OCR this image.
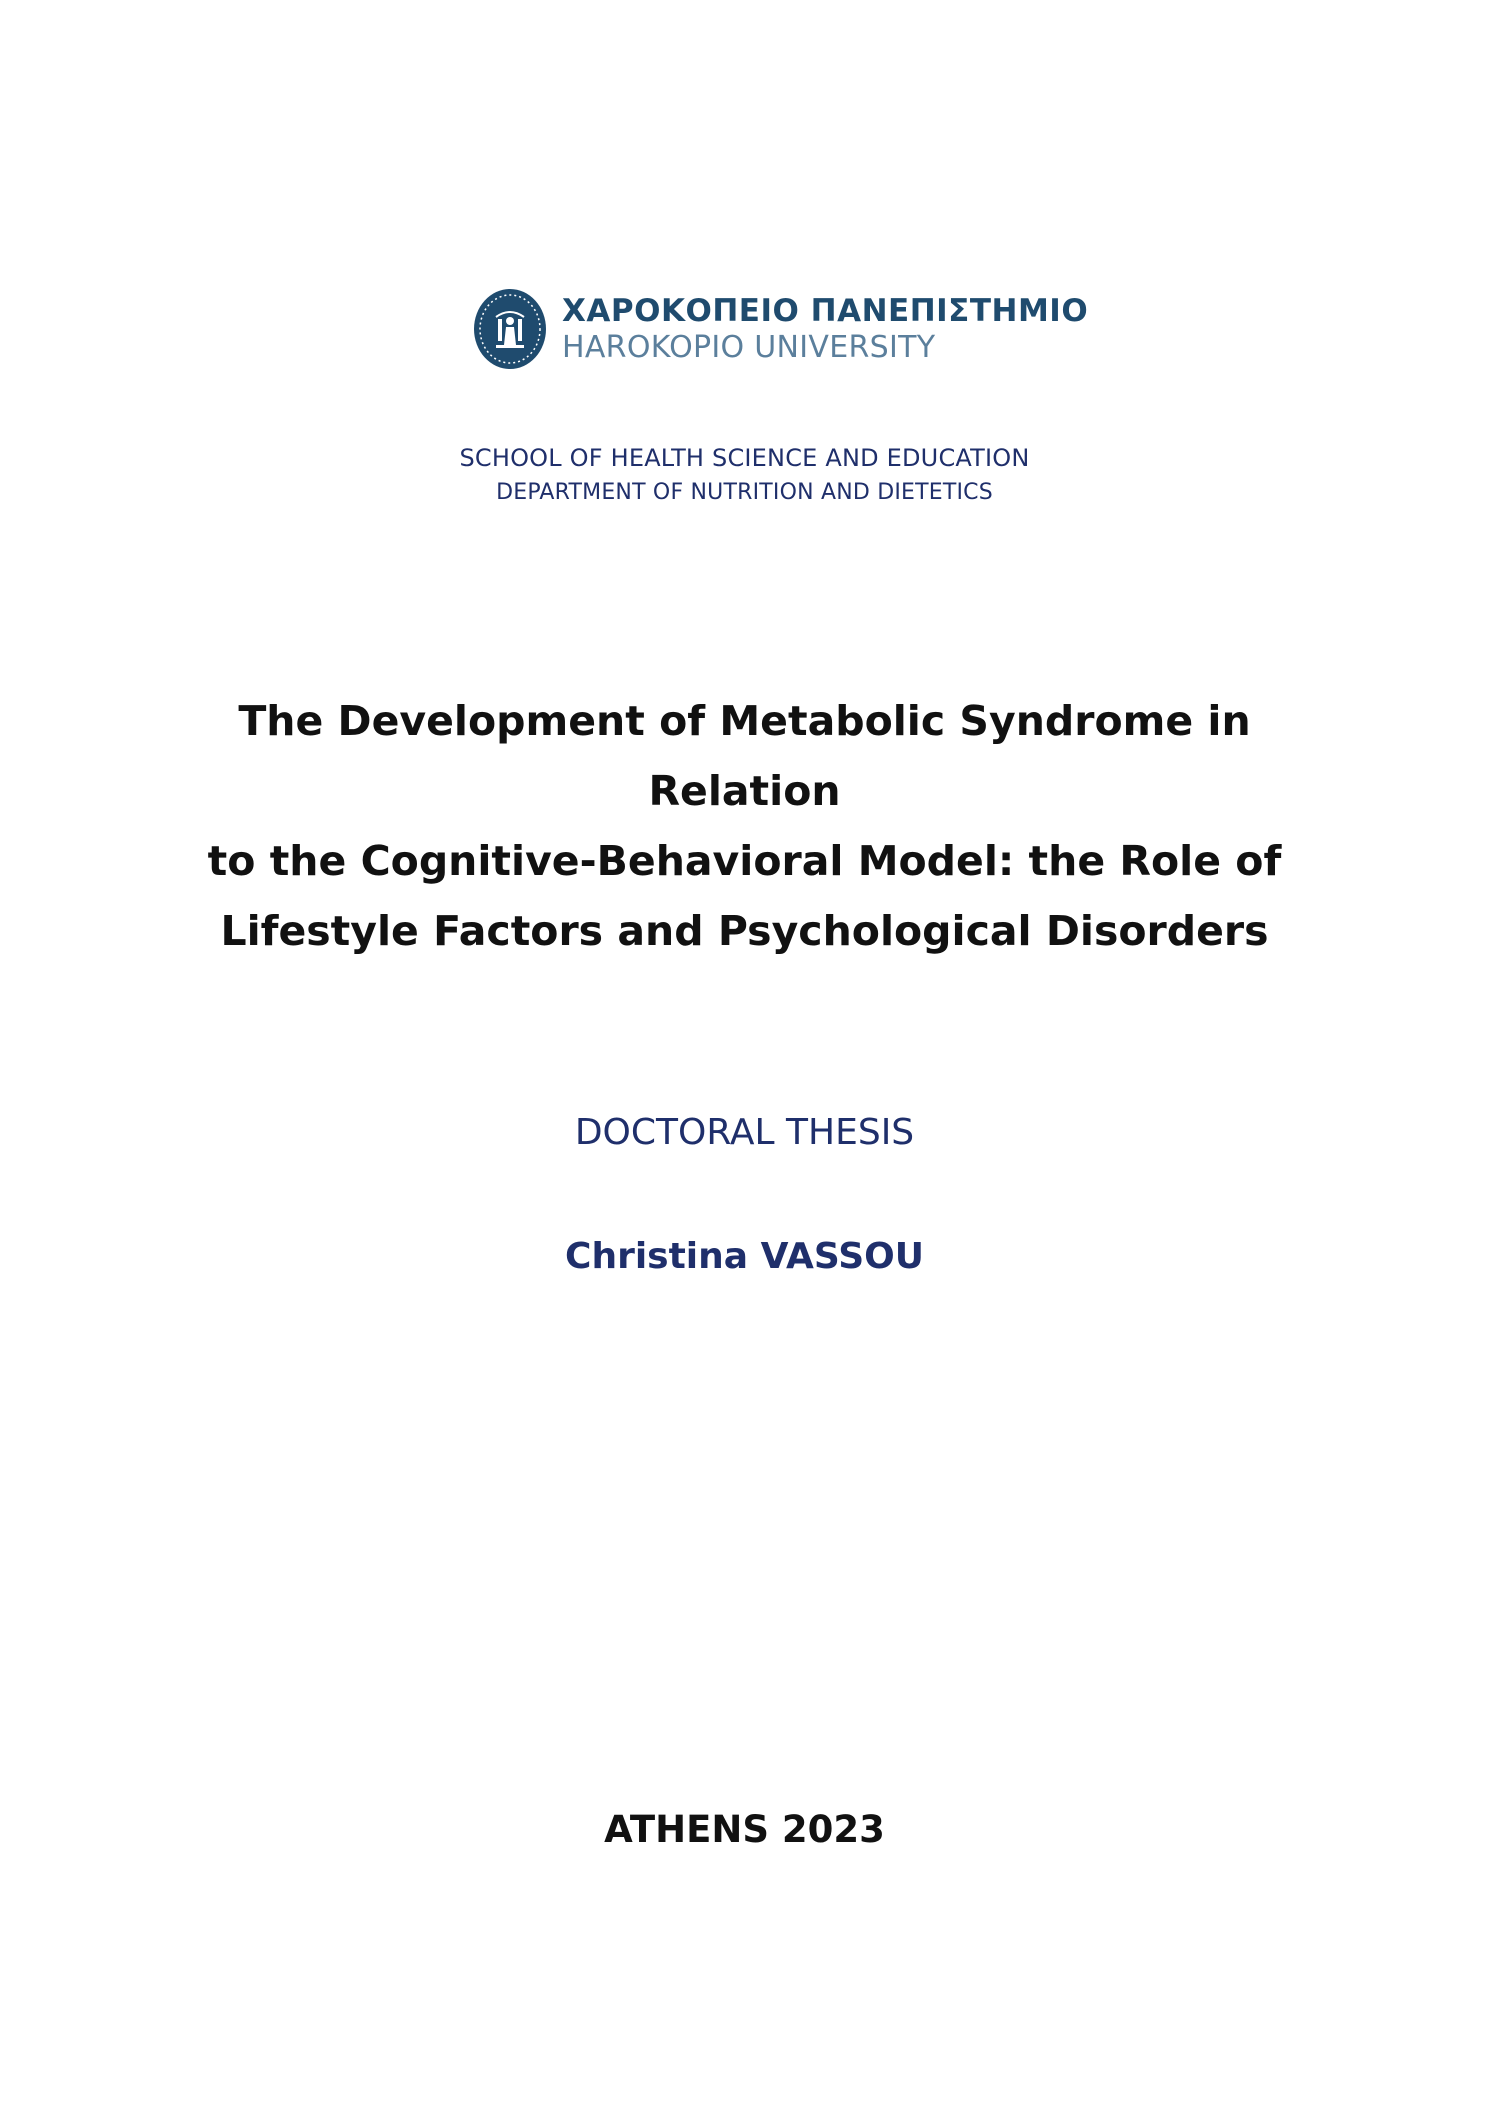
ΧΑΡΟΚΟΠΕΙΟ ΠΑΝΕΠΙΣΤΗΜΙΟ
HAROKOPIO UNIVERSITY
SCHOOL OF HEALTH SCIENCE AND EDUCATION
DEPARTMENT OF NUTRITION AND DIETETICS
The Development of Metabolic Syndrome in Relation
to the Cognitive-Behavioral Model: the Role of
Lifestyle Factors and Psychological Disorders
DOCTORAL THESIS
Christina VASSOU
ATHENS 2023
